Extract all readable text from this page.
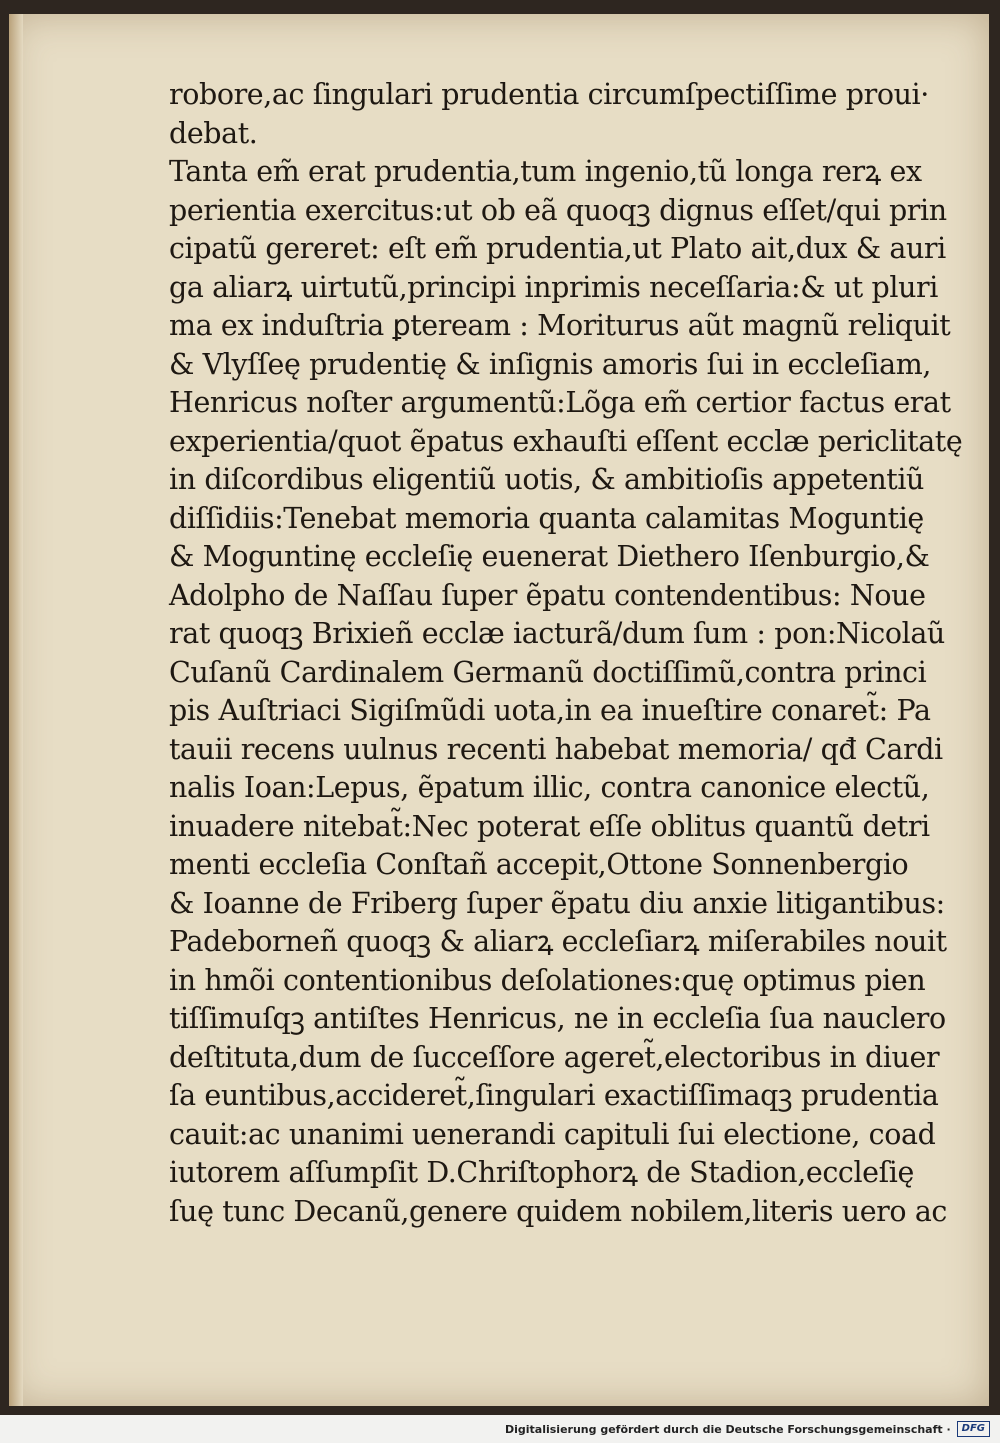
robore,ac ſingulari prudentia circumſpectiſſime proui·
debat.
Tanta em̃ erat prudentia,tum ingenio,tũ longa rerꝝ ex
perientia exercitus:ut ob eã quoqꝫ dignus eſſet/qui prin
cipatũ gereret: eſt em̃ prudentia,ut Plato ait,dux & auri
ga aliarꝝ uirtutũ,principi inprimis neceſſaria:& ut pluri
ma ex induſtria ꝑteream : Moriturus aũt magnũ reliquit
& Vlyſſeę prudentię & inſignis amoris ſui in eccleſiam,
Henricus noſter argumentũ:Lõga em̃ certior factus erat
experientia/quot ẽpatus exhauſti eſſent ecclæ periclitatę
in diſcordibus eligentiũ uotis, & ambitioſis appetentiũ
diſſidiis:Tenebat memoria quanta calamitas Moguntię
& Moguntinę eccleſię euenerat Diethero Iſenburgio,&
Adolpho de Naſſau ſuper ẽpatu contendentibus: Noue
rat quoqꝫ Brixieñ ecclæ iacturã/dum ſum : pon:Nicolaũ
Cuſanũ Cardinalem Germanũ doctiſſimũ,contra princi
pis Auſtriaci Sigiſmũdi uota,in ea inueſtire conaret̃: Pa
tauii recens uulnus recenti habebat memoria/ qđ Cardi
nalis Ioan:Lepus, ẽpatum illic, contra canonice electũ,
inuadere nitebat̃:Nec poterat eſſe oblitus quantũ detri
menti eccleſia Conſtañ accepit,Ottone Sonnenbergio
& Ioanne de Friberg ſuper ẽpatu diu anxie litigantibus:
Padeborneñ quoqꝫ & aliarꝝ eccleſiarꝝ miſerabiles nouit
in hmõi contentionibus deſolationes:quę optimus pien
tiſſimuſqꝫ antiſtes Henricus, ne in eccleſia ſua nauclero
deſtituta,dum de ſucceſſore ageret̃,electoribus in diuer
ſa euntibus,accideret̃,ſingulari exactiſſimaqꝫ prudentia
cauit:ac unanimi uenerandi capituli ſui electione, coad
iutorem aſſumpſit D.Chriſtophorꝝ de Stadion,eccleſię
ſuę tunc Decanũ,genere quidem nobilem,literis uero ac
Digitalisierung gefördert durch die Deutsche Forschungsgemeinschaft ·	DFG
